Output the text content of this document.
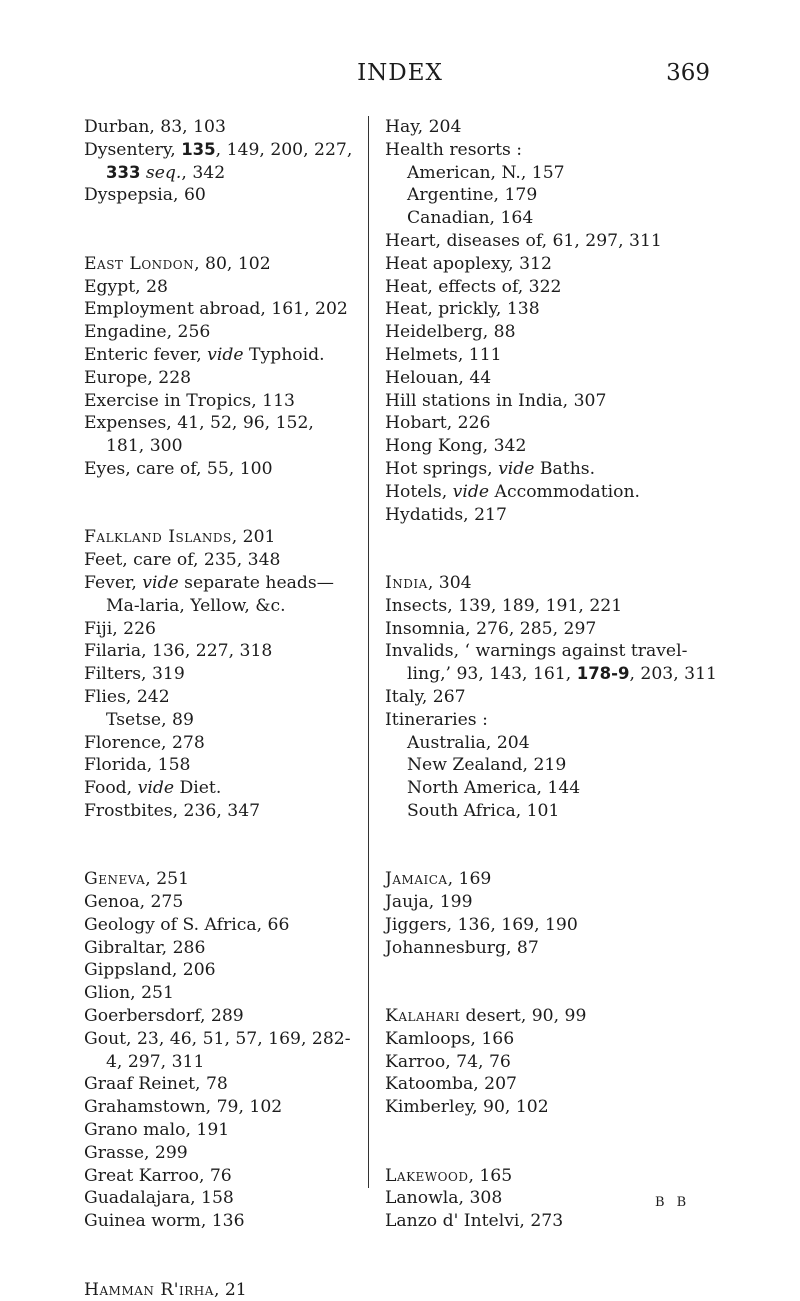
INDEX	369
Durban, 83, 103
Dysentery, 135, 149, 200, 227, 333 seq., 342
Dyspepsia, 60
East London, 80, 102
Egypt, 28
Employment abroad, 161, 202
Engadine, 256
Enteric fever, vide Typhoid.
Europe, 228
Exercise in Tropics, 113
Expenses, 41, 52, 96, 152, 181, 300
Eyes, care of, 55, 100
Falkland Islands, 201
Feet, care of, 235, 348
Fever, vide separate heads—Ma-laria, Yellow, &c.
Fiji, 226
Filaria, 136, 227, 318
Filters, 319
Flies, 242
Tsetse, 89
Florence, 278
Florida, 158
Food, vide Diet.
Frostbites, 236, 347
Geneva, 251
Genoa, 275
Geology of S. Africa, 66
Gibraltar, 286
Gippsland, 206
Glion, 251
Goerbersdorf, 289
Gout, 23, 46, 51, 57, 169, 282-4, 297, 311
Graaf Reinet, 78
Grahamstown, 79, 102
Grano malo, 191
Grasse, 299
Great Karroo, 76
Guadalajara, 158
Guinea worm, 136
Hamman R'irha, 21
Hay, 204
Health resorts :
American, N., 157
Argentine, 179
Canadian, 164
Heart, diseases of, 61, 297, 311
Heat apoplexy, 312
Heat, effects of, 322
Heat, prickly, 138
Heidelberg, 88
Helmets, 111
Helouan, 44
Hill stations in India, 307
Hobart, 226
Hong Kong, 342
Hot springs, vide Baths.
Hotels, vide Accommodation.
Hydatids, 217
India, 304
Insects, 139, 189, 191, 221
Insomnia, 276, 285, 297
Invalids, ‘ warnings against travel-ling,’ 93, 143, 161, 178-9, 203, 311
Italy, 267
Itineraries :
Australia, 204
New Zealand, 219
North America, 144
South Africa, 101
Jamaica, 169
Jauja, 199
Jiggers, 136, 169, 190
Johannesburg, 87
Kalahari desert, 90, 99
Kamloops, 166
Karroo, 74, 76
Katoomba, 207
Kimberley, 90, 102
Lakewood, 165
Lanowla, 308
Lanzo d' Intelvi, 273
B B
